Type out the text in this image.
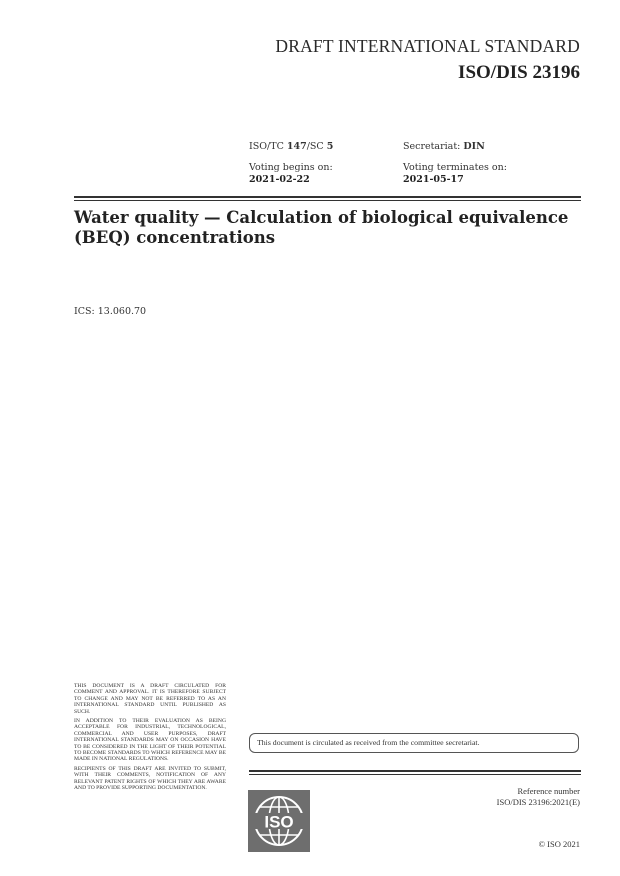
DRAFT INTERNATIONAL STANDARD
ISO/DIS 23196
ISO/TC 147/SC 5	Secretariat: DIN
Voting begins on:
2021-02-22
Voting terminates on:
2021-05-17
Water quality — Calculation of biological equivalence
(BEQ) concentrations
ICS: 13.060.70

THIS DOCUMENT IS A DRAFT CIRCULATED FOR COMMENT AND APPROVAL. IT IS THEREFORE SUBJECT TO CHANGE AND MAY NOT BE REFERRED TO AS AN INTERNATIONAL STANDARD UNTIL PUBLISHED AS SUCH.

IN ADDITION TO THEIR EVALUATION AS BEING ACCEPTABLE FOR INDUSTRIAL, TECHNOLOGICAL, COMMERCIAL AND USER PURPOSES, DRAFT INTERNATIONAL STANDARDS MAY ON OCCASION HAVE TO BE CONSIDERED IN THE LIGHT OF THEIR POTENTIAL TO BECOME STANDARDS TO WHICH REFERENCE MAY BE MADE IN NATIONAL REGULATIONS.

RECIPIENTS OF THIS DRAFT ARE INVITED TO SUBMIT, WITH THEIR COMMENTS, NOTIFICATION OF ANY RELEVANT PATENT RIGHTS OF WHICH THEY ARE AWARE AND TO PROVIDE SUPPORTING DOCUMENTATION.

This document is circulated as received from the committee secretariat.
ISO
Reference number
ISO/DIS 23196:2021(E)
© ISO 2021
